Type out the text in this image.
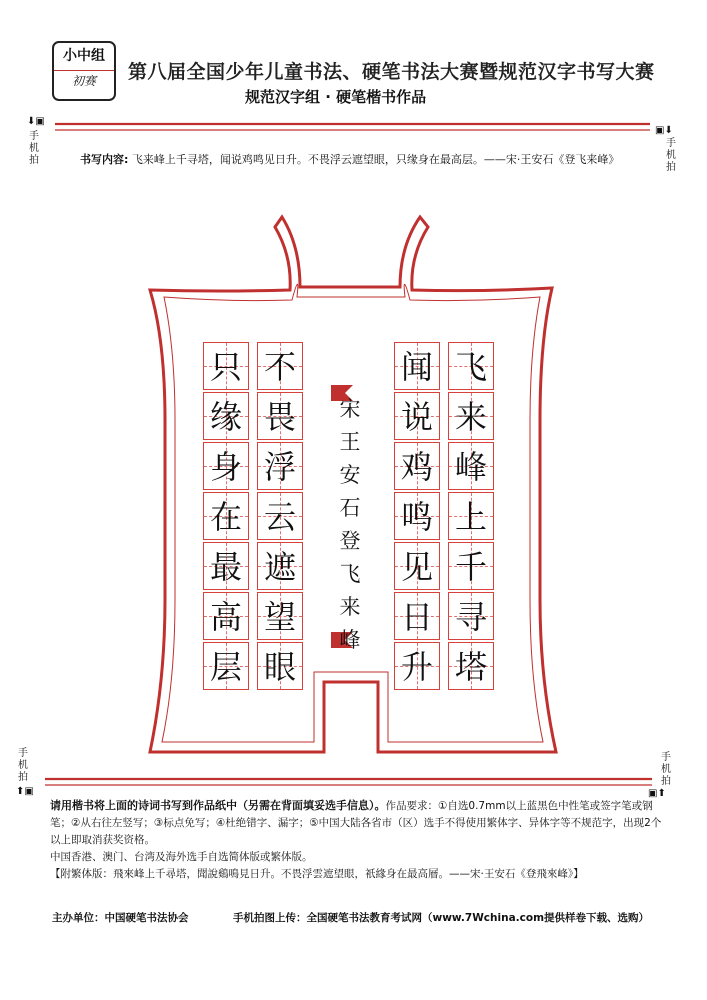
小中组
初赛	第八届全国少年儿童书法、硬笔书法大赛暨规范汉字书写大赛
规范汉字组 · 硬笔楷书作品
⬇▣
手机拍
▣⬇
手机拍
手机拍
⬆▣
手机拍
▣⬆
书写内容: 飞来峰上千寻塔，闻说鸡鸣见日升。不畏浮云遮望眼，只缘身在最高层。——宋·王安石《登飞来峰》
飞
来
峰
上
千
寻
塔
闻
说
鸡
鸣
见
日
升
不
畏
浮
云
遮
望
眼
只
缘
身
在
最
高
层
宋
王
安
石
登
飞
来
峰

请用楷书将上面的诗词书写到作品纸中（另需在背面填妥选手信息）。作品要求：①自选0.7mm以上蓝黑色中性笔或签字笔或钢笔；②从右往左竖写；③标点免写；④杜绝错字、漏字；⑤中国大陆各省市（区）选手不得使用繁体字、异体字等不规范字，出现2个以上即取消获奖资格。

中国香港、澳门、台湾及海外选手自选简体版或繁体版。

【附繁体版：飛來峰上千尋塔，聞說鷄鳴見日升。不畏浮雲遮望眼，祇緣身在最高層。——宋·王安石《登飛來峰》】

主办单位：中国硬笔书法协会	手机拍图上传：全国硬笔书法教育考试网（www.7Wchina.com提供样卷下载、选购）
